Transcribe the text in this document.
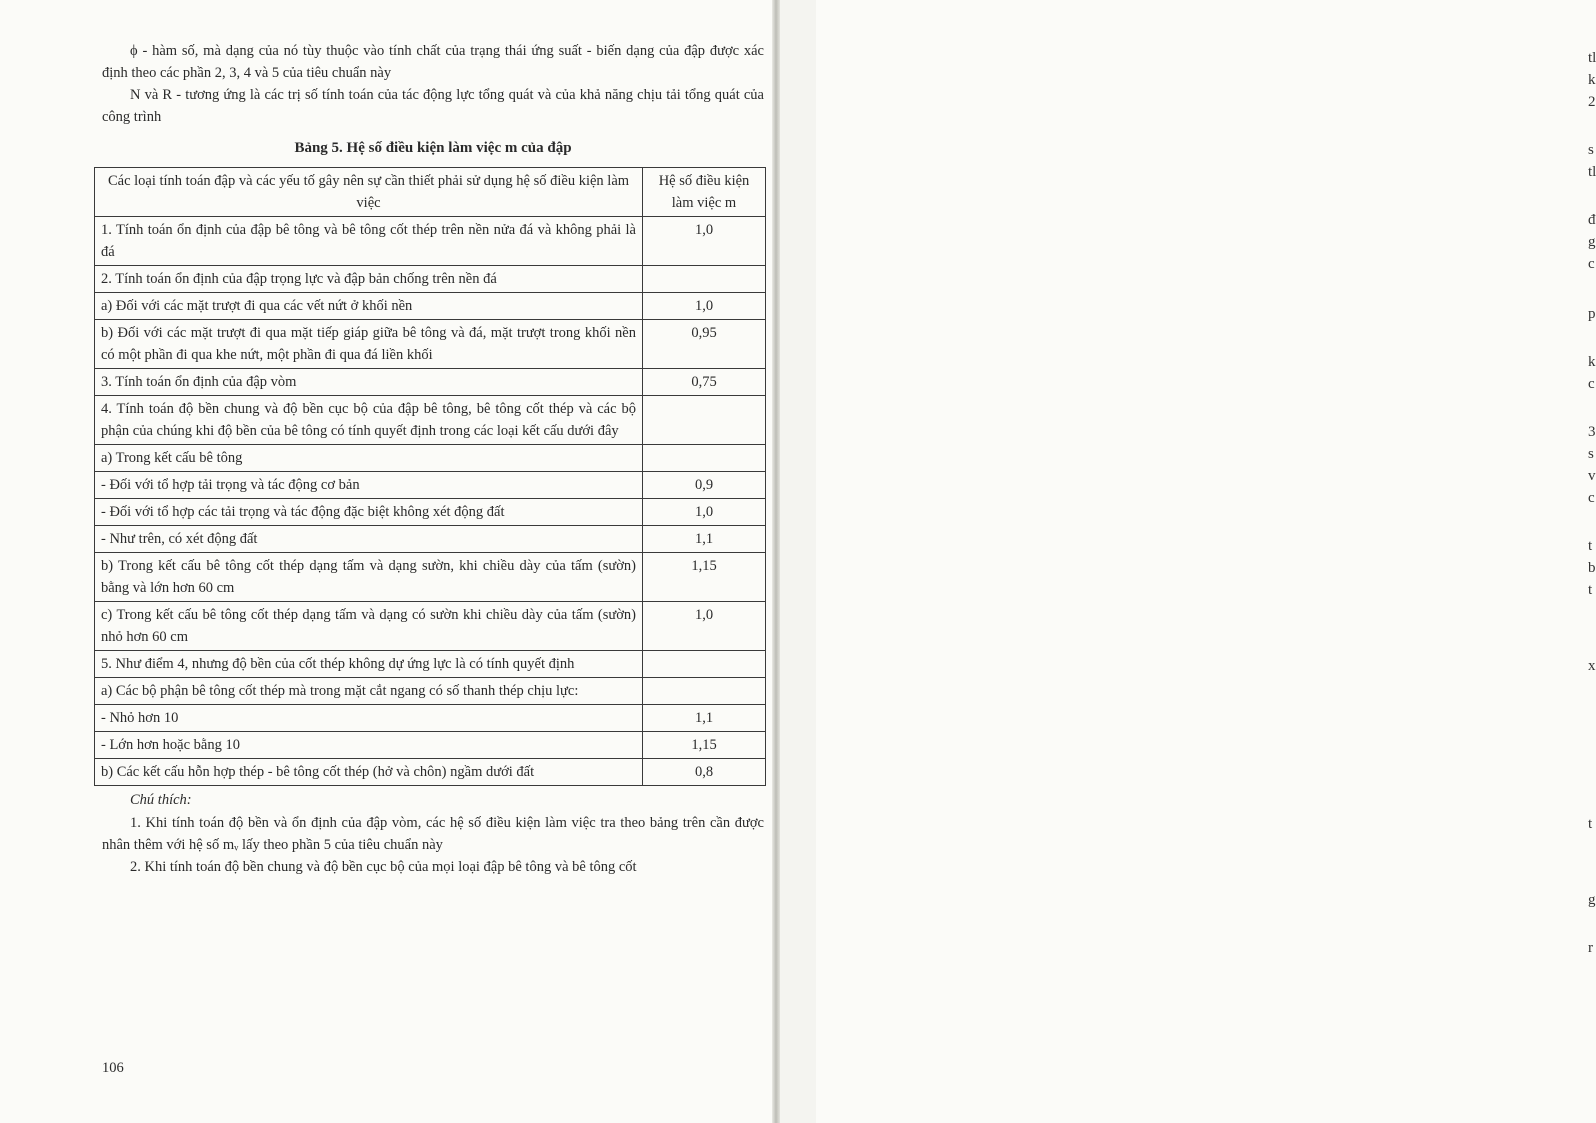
tl
k
2
s
tl
đ
g
c
p
k
c
3
s
v
c
t
b
t
x
t
g
r

ϕ - hàm số, mà dạng của nó tùy thuộc vào tính chất của trạng thái ứng suất - biến dạng của đập được xác định theo các phần 2, 3, 4 và 5 của tiêu chuẩn này

N và R - tương ứng là các trị số tính toán của tác động lực tổng quát và của khả năng chịu tải tổng quát của công trình

Bảng 5. Hệ số điều kiện làm việc m của đập
Các loại tính toán đập và các yếu tố gây nên sự cần thiết phải sử dụng hệ số điều kiện làm việc	Hệ số điều kiện làm việc m
1. Tính toán ổn định của đập bê tông và bê tông cốt thép trên nền nửa đá và không phải là đá	1,0
2. Tính toán ổn định của đập trọng lực và đập bản chống trên nền đá	
a) Đối với các mặt trượt đi qua các vết nứt ở khối nền	1,0
b) Đối với các mặt trượt đi qua mặt tiếp giáp giữa bê tông và đá, mặt trượt trong khối nền có một phần đi qua khe nứt, một phần đi qua đá liền khối	0,95
3. Tính toán ổn định của đập vòm	0,75
4. Tính toán độ bền chung và độ bền cục bộ của đập bê tông, bê tông cốt thép và các bộ phận của chúng khi độ bền của bê tông có tính quyết định trong các loại kết cấu dưới đây	
a) Trong kết cấu bê tông	
- Đối với tổ hợp tải trọng và tác động cơ bản	0,9
- Đối với tổ hợp các tải trọng và tác động đặc biệt không xét động đất	1,0
- Như trên, có xét động đất	1,1
b) Trong kết cấu bê tông cốt thép dạng tấm và dạng sườn, khi chiều dày của tấm (sườn) bằng và lớn hơn 60 cm	1,15
c) Trong kết cấu bê tông cốt thép dạng tấm và dạng có sườn khi chiều dày của tấm (sườn) nhỏ hơn 60 cm	1,0
5. Như điểm 4, nhưng độ bền của cốt thép không dự ứng lực là có tính quyết định	
a) Các bộ phận bê tông cốt thép mà trong mặt cắt ngang có số thanh thép chịu lực:	
- Nhỏ hơn 10	1,1
- Lớn hơn hoặc bằng 10	1,15
b) Các kết cấu hỗn hợp thép - bê tông cốt thép (hở và chôn) ngầm dưới đất	0,8
Chú thích:

1. Khi tính toán độ bền và ổn định của đập vòm, các hệ số điều kiện làm việc tra theo bảng trên cần được nhân thêm với hệ số mᵥ lấy theo phần 5 của tiêu chuẩn này

2. Khi tính toán độ bền chung và độ bền cục bộ của mọi loại đập bê tông và bê tông cốt

106
